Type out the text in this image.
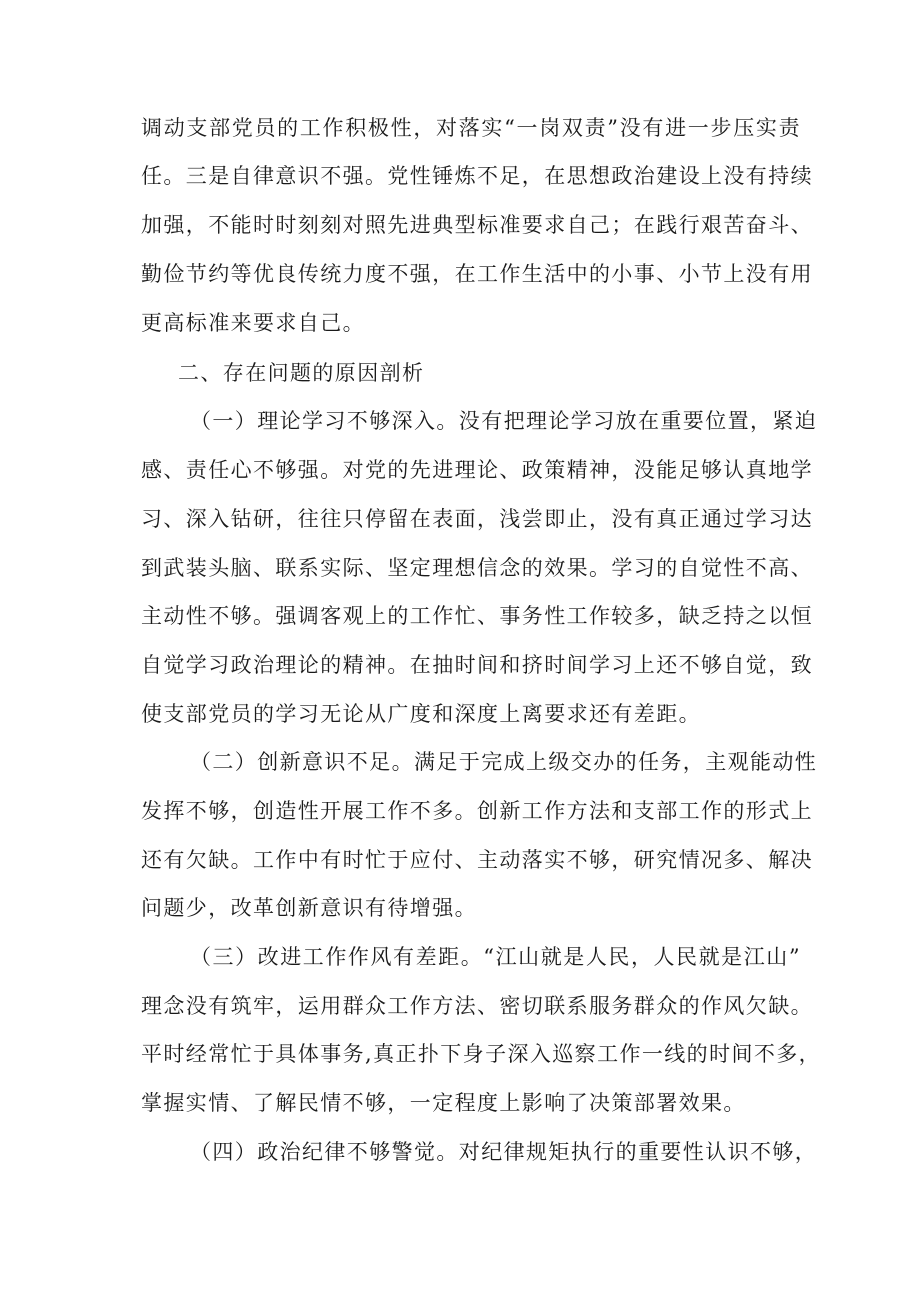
调动支部党员的工作积极性，对落实“一岗双责”没有进一步压实责
任。三是自律意识不强。党性锤炼不足，在思想政治建设上没有持续
加强，不能时时刻刻对照先进典型标准要求自己；在践行艰苦奋斗、
勤俭节约等优良传统力度不强，在工作生活中的小事、小节上没有用
更高标准来要求自己。
二、存在问题的原因剖析
（一）理论学习不够深入。没有把理论学习放在重要位置，紧迫
感、责任心不够强。对党的先进理论、政策精神，没能足够认真地学
习、深入钻研，往往只停留在表面，浅尝即止，没有真正通过学习达
到武装头脑、联系实际、坚定理想信念的效果。学习的自觉性不高、
主动性不够。强调客观上的工作忙、事务性工作较多，缺乏持之以恒
自觉学习政治理论的精神。在抽时间和挤时间学习上还不够自觉，致
使支部党员的学习无论从广度和深度上离要求还有差距。
（二）创新意识不足。满足于完成上级交办的任务，主观能动性
发挥不够，创造性开展工作不多。创新工作方法和支部工作的形式上
还有欠缺。工作中有时忙于应付、主动落实不够，研究情况多、解决
问题少，改革创新意识有待增强。
（三）改进工作作风有差距。“江山就是人民，人民就是江山”
理念没有筑牢，运用群众工作方法、密切联系服务群众的作风欠缺。
平时经常忙于具体事务,真正扑下身子深入巡察工作一线的时间不多，
掌握实情、了解民情不够，一定程度上影响了决策部署效果。
（四）政治纪律不够警觉。对纪律规矩执行的重要性认识不够，
